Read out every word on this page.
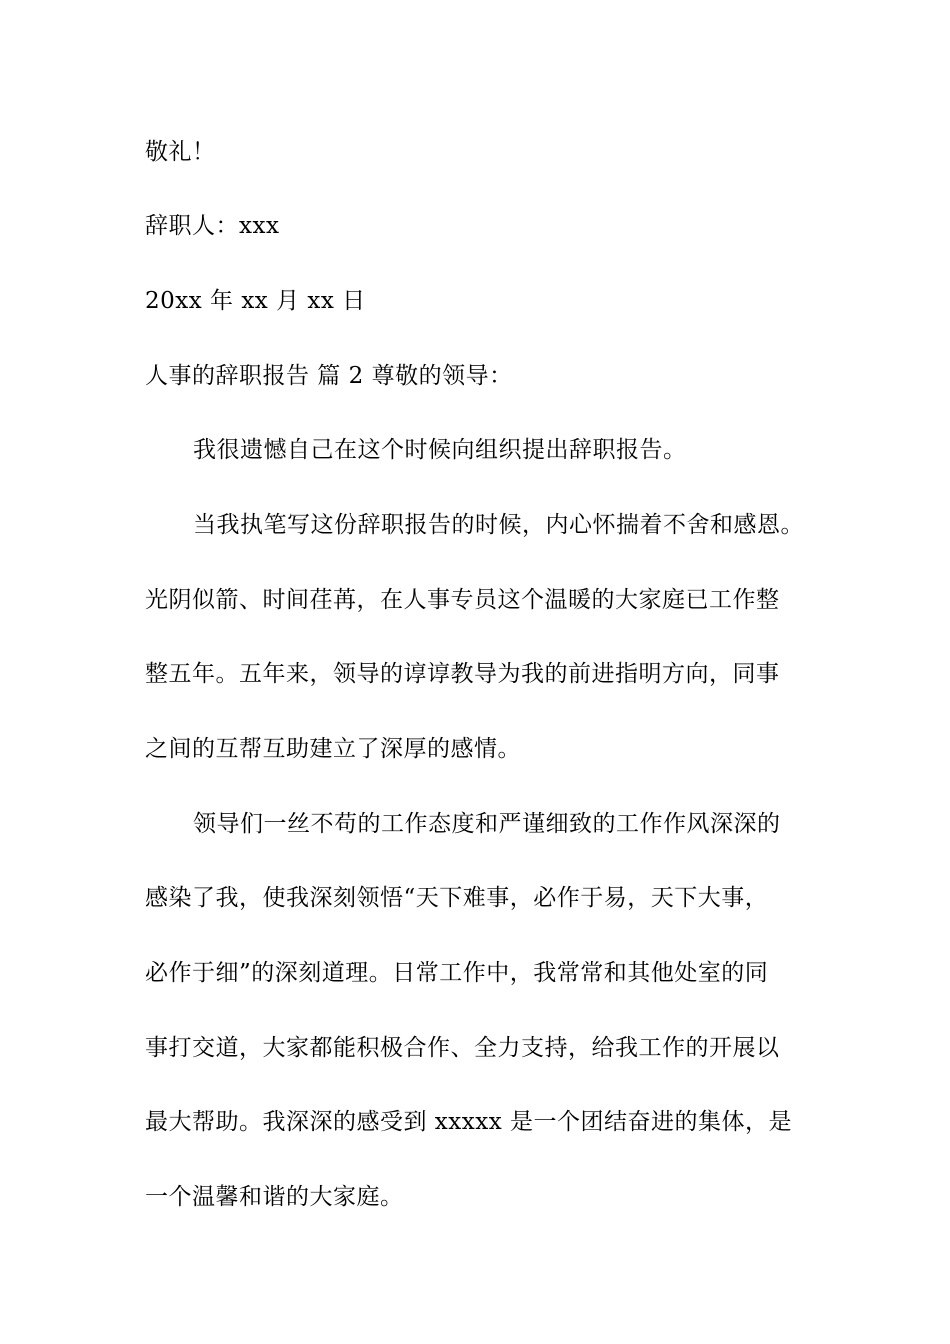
敬礼！
辞职人：xxx
20xx 年 xx 月 xx 日
人事的辞职报告 篇 2 尊敬的领导：
我很遗憾自己在这个时候向组织提出辞职报告。
当我执笔写这份辞职报告的时候，内心怀揣着不舍和感恩。
光阴似箭、时间荏苒，在人事专员这个温暖的大家庭已工作整
整五年。五年来，领导的谆谆教导为我的前进指明方向，同事
之间的互帮互助建立了深厚的感情。
领导们一丝不苟的工作态度和严谨细致的工作作风深深的
感染了我，使我深刻领悟“天下难事，必作于易，天下大事，
必作于细”的深刻道理。日常工作中，我常常和其他处室的同
事打交道，大家都能积极合作、全力支持，给我工作的开展以
最大帮助。我深深的感受到 xxxxx 是一个团结奋进的集体，是
一个温馨和谐的大家庭。
